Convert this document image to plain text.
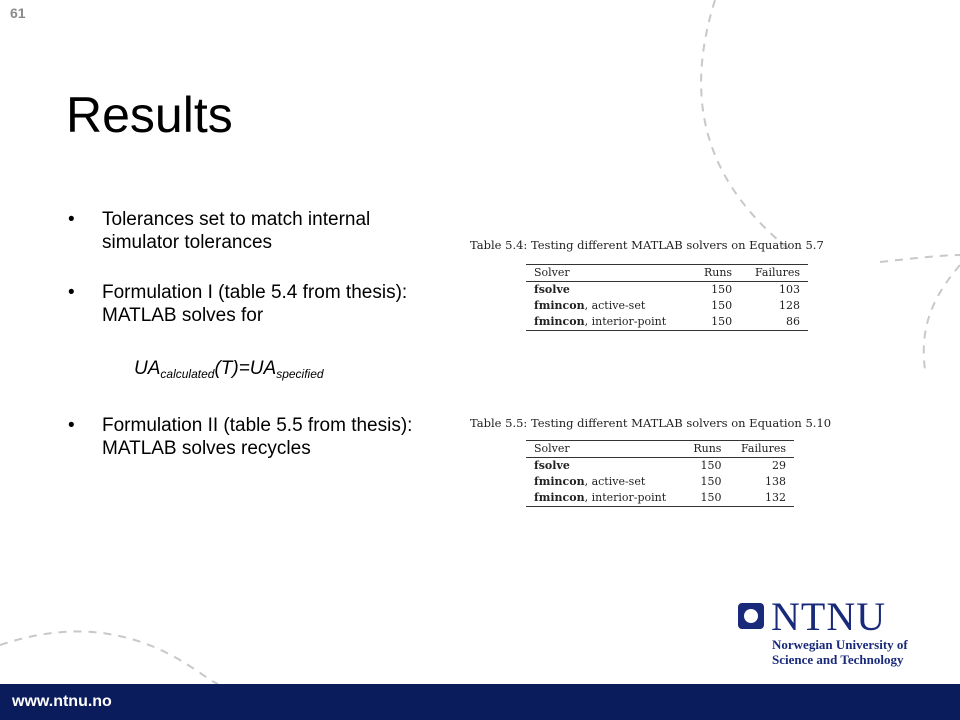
61
Results
• Tolerances set to match internal simulator tolerances
• Formulation I (table 5.4 from thesis): MATLAB solves for
$UA_{calculated}(T)=UA_{specified}$
• Formulation II (table 5.5 from thesis): MATLAB solves recycles
Table 5.4: Testing different MATLAB solvers on Equation 5.7
Solver	Runs	Failures
fsolve	150	103
fmincon, active-set	150	128
fmincon, interior-point	150	86
Table 5.5: Testing different MATLAB solvers on Equation 5.10
Solver	Runs	Failures
fsolve	150	29
fmincon, active-set	150	138
fmincon, interior-point	150	132
NTNU
Norwegian University of
Science and Technology
www.ntnu.no
